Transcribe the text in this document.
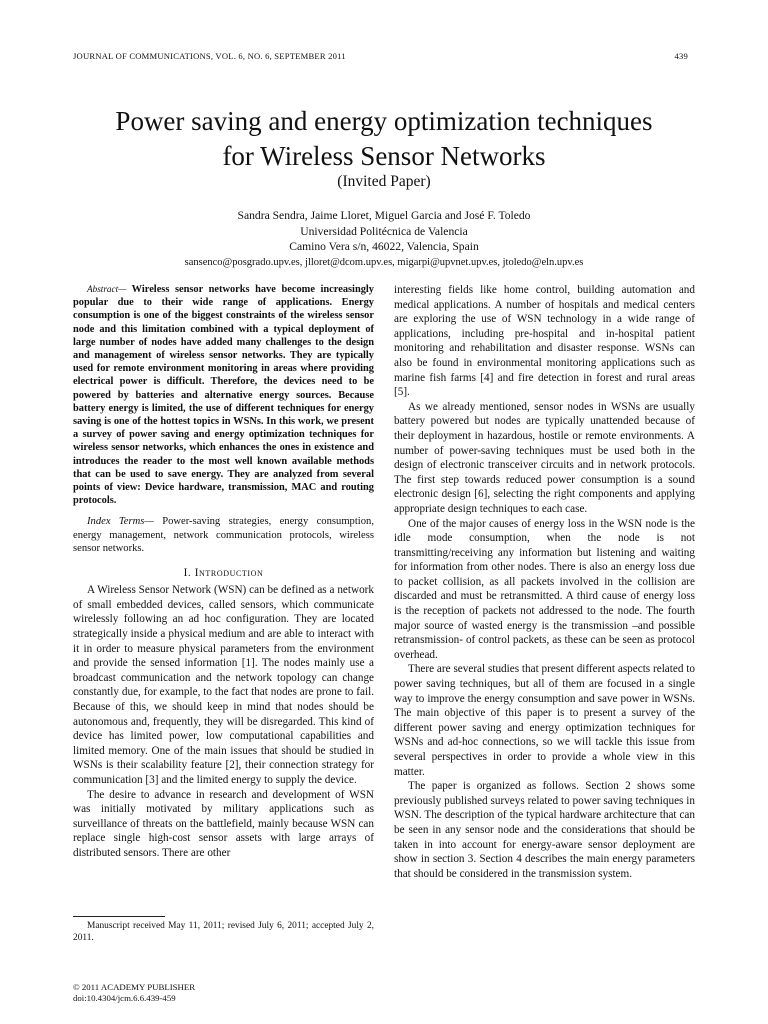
JOURNAL OF COMMUNICATIONS, VOL. 6, NO. 6, SEPTEMBER 2011	439
Power saving and energy optimization techniques
for Wireless Sensor Networks
(Invited Paper)
Sandra Sendra, Jaime Lloret, Miguel Garcia and José F. Toledo
Universidad Politécnica de Valencia
Camino Vera s/n, 46022, Valencia, Spain
sansenco@posgrado.upv.es, jlloret@dcom.upv.es, migarpi@upvnet.upv.es, jtoledo@eln.upv.es

Abstract— Wireless sensor networks have become increasingly popular due to their wide range of applications. Energy consumption is one of the biggest constraints of the wireless sensor node and this limitation combined with a typical deployment of large number of nodes have added many challenges to the design and management of wireless sensor networks. They are typically used for remote environment monitoring in areas where providing electrical power is difficult. Therefore, the devices need to be powered by batteries and alternative energy sources. Because battery energy is limited, the use of different techniques for energy saving is one of the hottest topics in WSNs. In this work, we present a survey of power saving and energy optimization techniques for wireless sensor networks, which enhances the ones in existence and introduces the reader to the most well known available methods that can be used to save energy. They are analyzed from several points of view: Device hardware, transmission, MAC and routing protocols.

Index Terms— Power-saving strategies, energy consumption, energy management, network communication protocols, wireless sensor networks.

I. Introduction

A Wireless Sensor Network (WSN) can be defined as a network of small embedded devices, called sensors, which communicate wirelessly following an ad hoc configuration. They are located strategically inside a physical medium and are able to interact with it in order to measure physical parameters from the environment and provide the sensed information [1]. The nodes mainly use a broadcast communication and the network topology can change constantly due, for example, to the fact that nodes are prone to fail. Because of this, we should keep in mind that nodes should be autonomous and, frequently, they will be disregarded. This kind of device has limited power, low computational capabilities and limited memory. One of the main issues that should be studied in WSNs is their scalability feature [2], their connection strategy for communication [3] and the limited energy to supply the device.

The desire to advance in research and development of WSN was initially motivated by military applications such as surveillance of threats on the battlefield, mainly because WSN can replace single high-cost sensor assets with large arrays of distributed sensors. There are other

Manuscript received May 11, 2011; revised July 6, 2011; accepted July 2, 2011.
© 2011 ACADEMY PUBLISHER
doi:10.4304/jcm.6.6.439-459

interesting fields like home control, building automation and medical applications. A number of hospitals and medical centers are exploring the use of WSN technology in a wide range of applications, including pre-hospital and in-hospital patient monitoring and rehabilitation and disaster response. WSNs can also be found in environmental monitoring applications such as marine fish farms [4] and fire detection in forest and rural areas [5].

As we already mentioned, sensor nodes in WSNs are usually battery powered but nodes are typically unattended because of their deployment in hazardous, hostile or remote environments. A number of power-saving techniques must be used both in the design of electronic transceiver circuits and in network protocols. The first step towards reduced power consumption is a sound electronic design [6], selecting the right components and applying appropriate design techniques to each case.

One of the major causes of energy loss in the WSN node is the idle mode consumption, when the node is not transmitting/receiving any information but listening and waiting for information from other nodes. There is also an energy loss due to packet collision, as all packets involved in the collision are discarded and must be retransmitted. A third cause of energy loss is the reception of packets not addressed to the node. The fourth major source of wasted energy is the transmission –and possible retransmission- of control packets, as these can be seen as protocol overhead.

There are several studies that present different aspects related to power saving techniques, but all of them are focused in a single way to improve the energy consumption and save power in WSNs. The main objective of this paper is to present a survey of the different power saving and energy optimization techniques for WSNs and ad-hoc connections, so we will tackle this issue from several perspectives in order to provide a whole view in this matter.

The paper is organized as follows. Section 2 shows some previously published surveys related to power saving techniques in WSN. The description of the typical hardware architecture that can be seen in any sensor node and the considerations that should be taken in into account for energy-aware sensor deployment are show in section 3. Section 4 describes the main energy parameters that should be considered in the transmission system.
